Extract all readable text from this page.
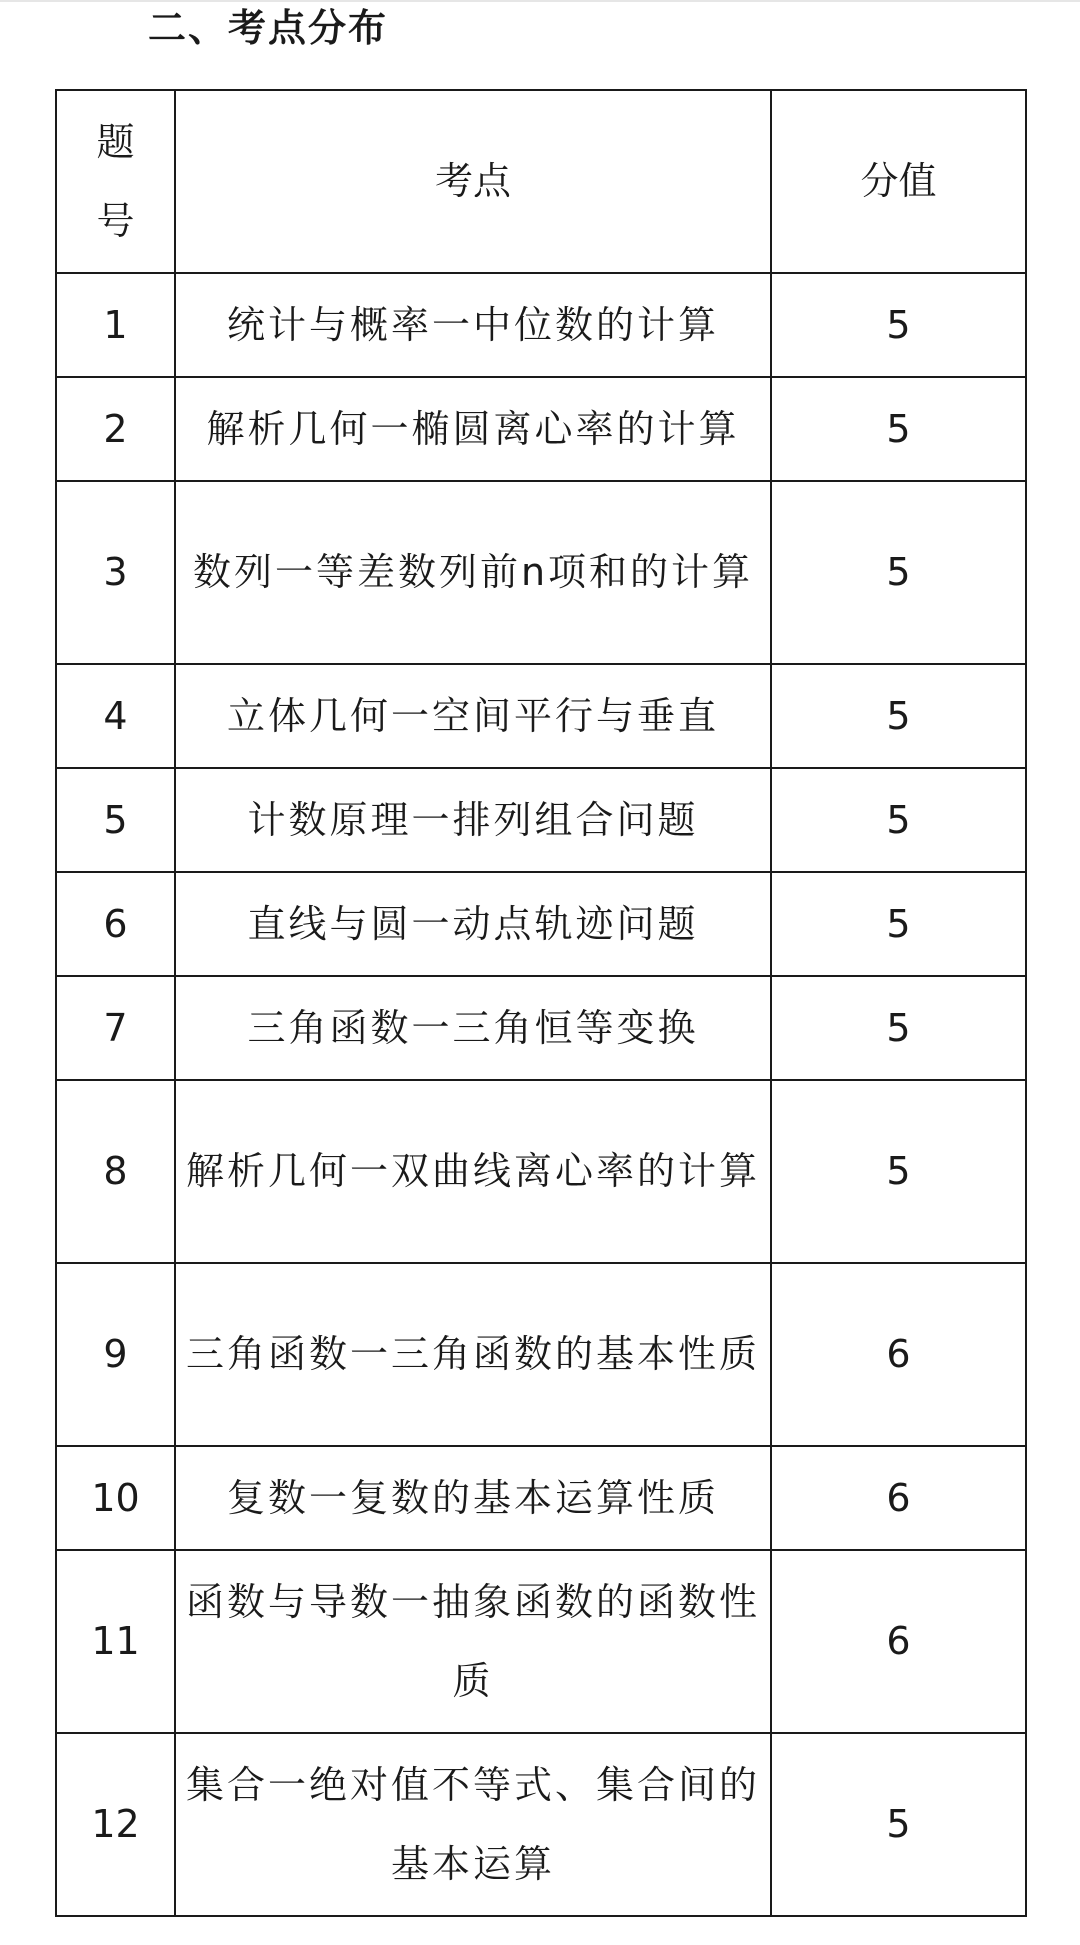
二、考点分布
题号	考点	分值
1	统计与概率一中位数的计算	5
2	解析几何一椭圆离心率的计算	5
3	数列一等差数列前n项和的计算	5
4	立体几何一空间平行与垂直	5
5	计数原理一排列组合问题	5
6	直线与圆一动点轨迹问题	5
7	三角函数一三角恒等变换	5
8	解析几何一双曲线离心率的计算	5
9	三角函数一三角函数的基本性质	6
10	复数一复数的基本运算性质	6
11	函数与导数一抽象函数的函数性质	6
12	集合一绝对值不等式、集合间的基本运算	5
